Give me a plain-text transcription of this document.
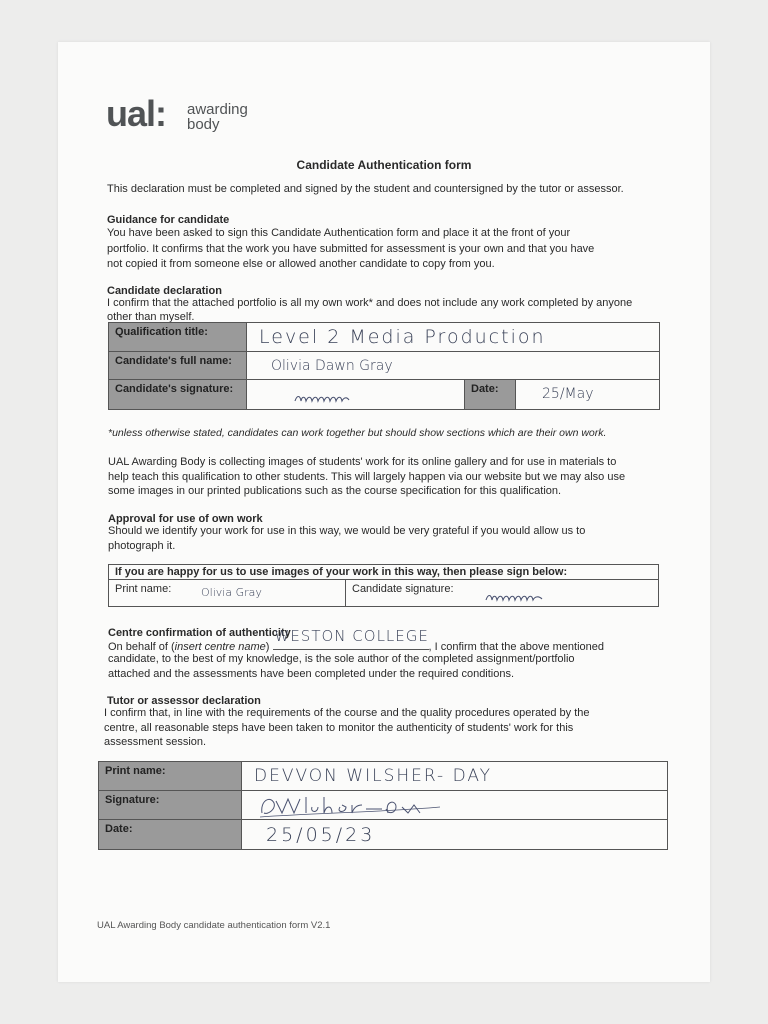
ual: awarding
body
Candidate Authentication form
This declaration must be completed and signed by the student and countersigned by the tutor or assessor.
Guidance for candidate
You have been asked to sign this Candidate Authentication form and place it at the front of your
portfolio. It confirms that the work you have submitted for assessment is your own and that you have
not copied it from someone else or allowed another candidate to copy from you.
Candidate declaration
I confirm that the attached portfolio is all my own work* and does not include any work completed by anyone
other than myself.
Qualification title:	Level 2 Media Production		

Candidate's full name:	Olivia Dawn Gray		

Candidate's signature:		Date:	25/May
*unless otherwise stated, candidates can work together but should show sections which are their own work.
UAL Awarding Body is collecting images of students' work for its online gallery and for use in materials to
help teach this qualification to other students. This will largely happen via our website but we may also use
some images in our printed publications such as the course specification for this qualification.
Approval for use of own work
Should we identify your work for use in this way, we would be very grateful if you would allow us to
photograph it.
If you are happy for us to use images of your work in this way, then please sign below:

Print name:	Olivia Gray	Candidate signature:
Centre confirmation of authenticity
On behalf of (insert centre name)
WESTON COLLEGE
, I confirm that the above mentioned
candidate, to the best of my knowledge, is the sole author of the completed assignment/portfolio
attached and the assessments have been completed under the required conditions.
Tutor or assessor declaration
I confirm that, in line with the requirements of the course and the quality procedures operated by the
centre, all reasonable steps have been taken to monitor the authenticity of students' work for this
assessment session.
Print name:	DEVVON WILSHER- DAY

Signature:	

Date:	25/05/23
UAL Awarding Body candidate authentication form V2.1
